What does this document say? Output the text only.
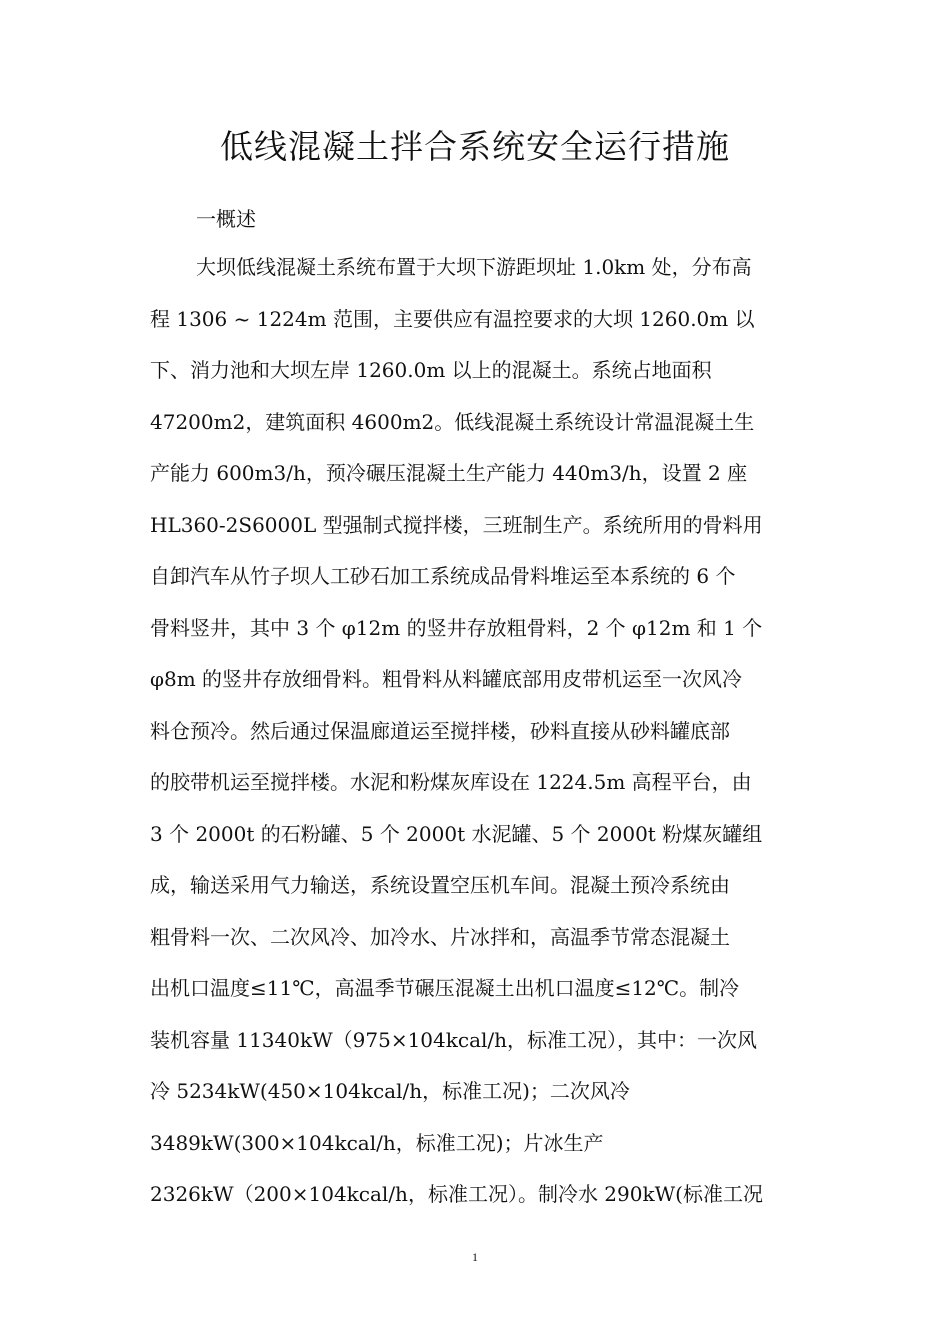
低线混凝土拌合系统安全运行措施
一概述
大坝低线混凝土系统布置于大坝下游距坝址 1.0km 处，分布高
程 1306 ~ 1224m 范围，主要供应有温控要求的大坝 1260.0m 以
下、消力池和大坝左岸 1260.0m 以上的混凝土。系统占地面积
47200m2，建筑面积 4600m2。低线混凝土系统设计常温混凝土生
产能力 600m3/h，预冷碾压混凝土生产能力 440m3/h，设置 2 座
HL360-2S6000L 型强制式搅拌楼，三班制生产。系统所用的骨料用
自卸汽车从竹子坝人工砂石加工系统成品骨料堆运至本系统的 6 个
骨料竖井，其中 3 个 φ12m 的竖井存放粗骨料，2 个 φ12m 和 1 个
φ8m 的竖井存放细骨料。粗骨料从料罐底部用皮带机运至一次风冷
料仓预冷。然后通过保温廊道运至搅拌楼，砂料直接从砂料罐底部
的胶带机运至搅拌楼。水泥和粉煤灰库设在 1224.5m 高程平台，由
3 个 2000t 的石粉罐、5 个 2000t 水泥罐、5 个 2000t 粉煤灰罐组
成，输送采用气力输送，系统设置空压机车间。混凝土预冷系统由
粗骨料一次、二次风冷、加冷水、片冰拌和，高温季节常态混凝土
出机口温度≤11℃，高温季节碾压混凝土出机口温度≤12℃。制冷
装机容量 11340kW（975×104kcal/h，标准工况），其中：一次风
冷 5234kW(450×104kcal/h，标准工况)；二次风冷
3489kW(300×104kcal/h，标准工况)；片冰生产
2326kW（200×104kcal/h，标准工况）。制冷水 290kW(标准工况
1
